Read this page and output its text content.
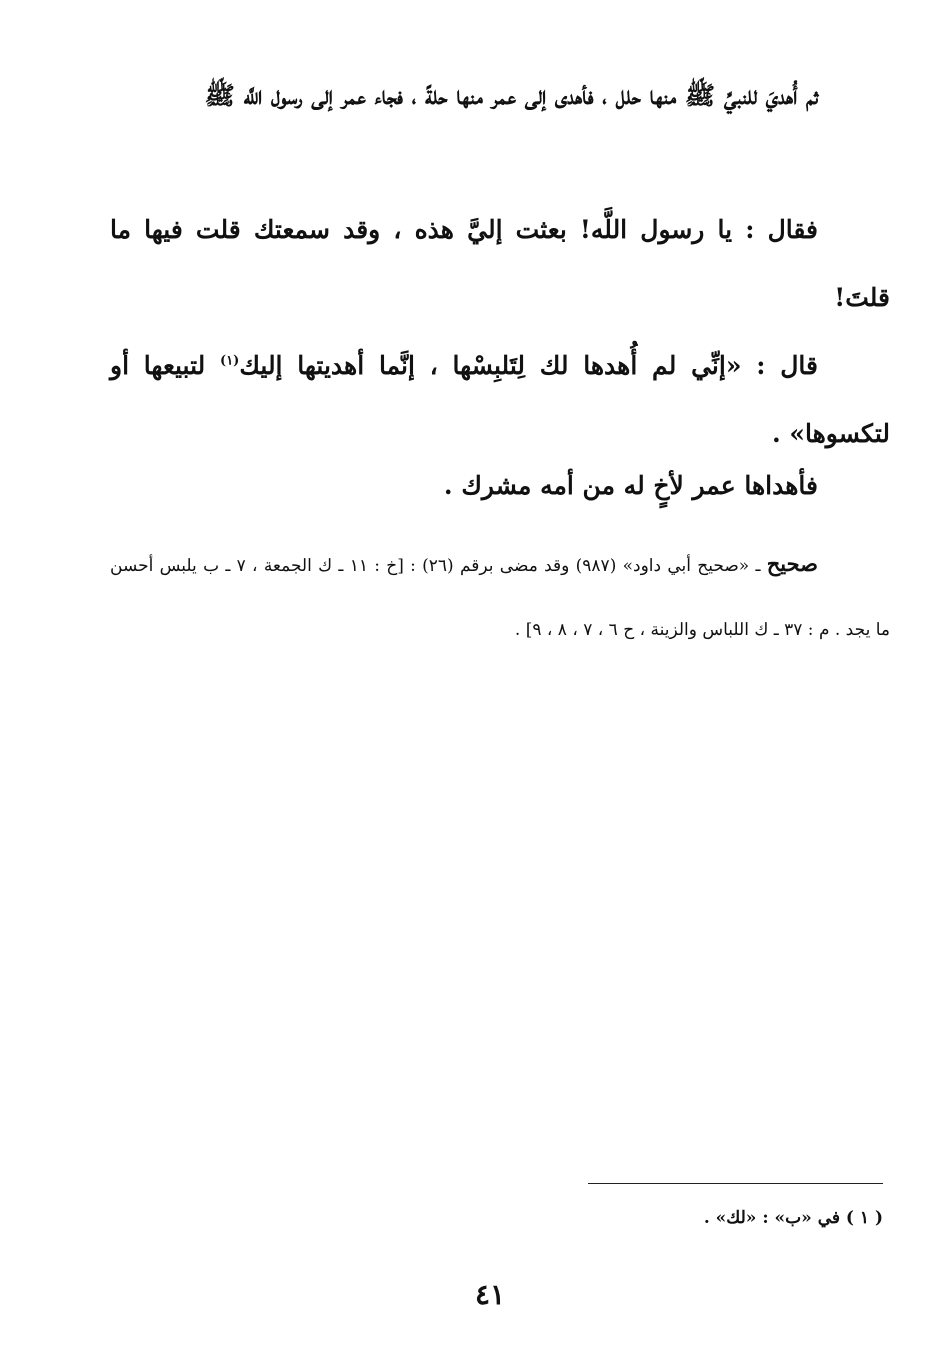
ثم أُهديَ للنبيِّ ﷺ منها حلل ، فأهدى إلى عمر منها حلةً ، فجاء عمر إلى رسول اللَّه ﷺ

فقال : يا رسول اللَّه! بعثت إليَّ هذه ، وقد سمعتك قلت فيها ما قلتَ!

قال : «إنِّي لم أُهدها لك لِتَلبِسْها ، إنَّما أهديتها إليك$^{(١)}$ لتبيعها أو لتكسوها» .

فأهداها عمر لأخٍ له من أمه مشرك .

صحيح ـ «صحيح أبي داود» (٩٨٧) وقد مضى برقم (٢٦) : [خ : ١١ ـ ك الجمعة ، ٧ ـ ب يلبس أحسن ما يجد . م : ٣٧ ـ ك اللباس والزينة ، ح ٦ ، ٧ ، ٨ ، ٩] .

( ١ ) في «ب» : «لك» .
٤١
